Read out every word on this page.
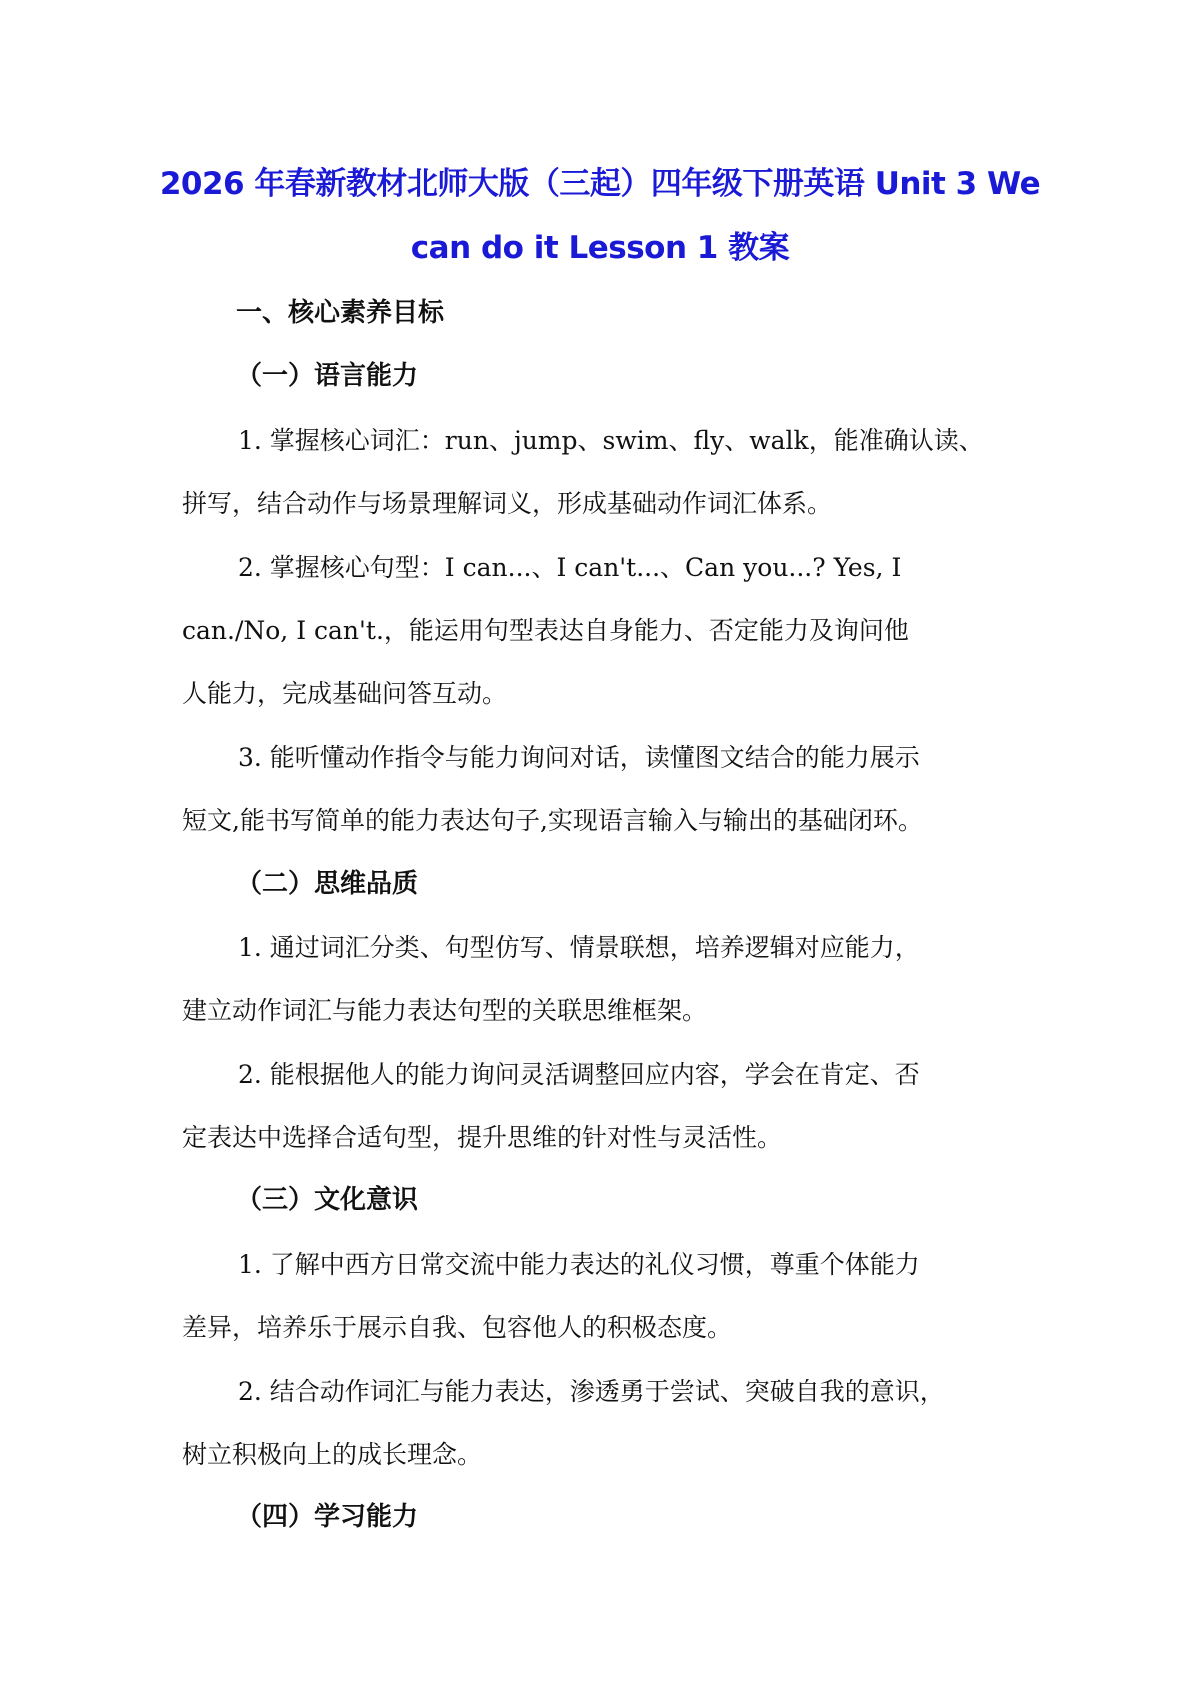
2026 年春新教材北师大版（三起）四年级下册英语 Unit 3 We
can do it Lesson 1 教案

一、核心素养目标

（一）语言能力

1. 掌握核心词汇：run、jump、swim、fly、walk，能准确认读、
拼写，结合动作与场景理解词义，形成基础动作词汇体系。

2. 掌握核心句型：I can...、I can't...、Can you...? Yes, I
can./No, I can't.，能运用句型表达自身能力、否定能力及询问他
人能力，完成基础问答互动。

3. 能听懂动作指令与能力询问对话，读懂图文结合的能力展示
短文,能书写简单的能力表达句子,实现语言输入与输出的基础闭环。

（二）思维品质

1. 通过词汇分类、句型仿写、情景联想，培养逻辑对应能力，
建立动作词汇与能力表达句型的关联思维框架。

2. 能根据他人的能力询问灵活调整回应内容，学会在肯定、否
定表达中选择合适句型，提升思维的针对性与灵活性。

（三）文化意识

1. 了解中西方日常交流中能力表达的礼仪习惯，尊重个体能力
差异，培养乐于展示自我、包容他人的积极态度。

2. 结合动作词汇与能力表达，渗透勇于尝试、突破自我的意识，
树立积极向上的成长理念。

（四）学习能力
